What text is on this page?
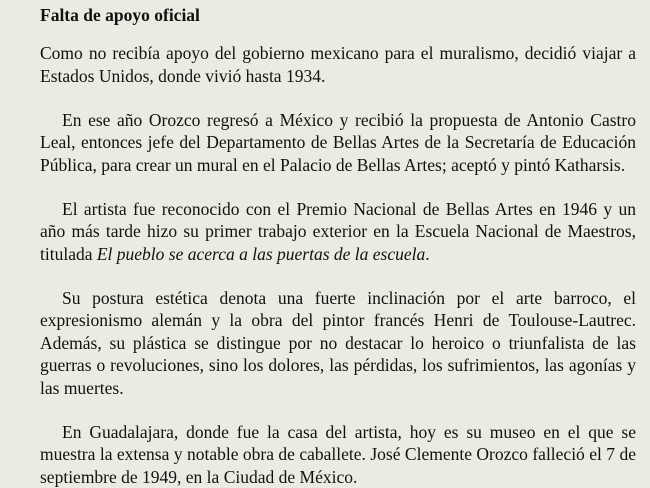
Falta de apoyo oficial

Como no recibía apoyo del gobierno mexicano para el muralismo, decidió viajar a Estados Unidos, donde vivió hasta 1934.

En ese año Orozco regresó a México y recibió la propuesta de Antonio Castro Leal, entonces jefe del Departamento de Bellas Artes de la Secretaría de Educación Pública, para crear un mural en el Palacio de Bellas Artes; aceptó y pintó Katharsis.

El artista fue reconocido con el Premio Nacional de Bellas Artes en 1946 y un año más tarde hizo su primer trabajo exterior en la Escuela Nacional de Maestros, titulada El pueblo se acerca a las puertas de la escuela.

Su postura estética denota una fuerte inclinación por el arte barroco, el expresionismo alemán y la obra del pintor francés Henri de Toulouse-Lautrec. Además, su plástica se distingue por no destacar lo heroico o triunfalista de las guerras o revoluciones, sino los dolores, las pérdidas, los sufrimientos, las agonías y las muertes.

En Guadalajara, donde fue la casa del artista, hoy es su museo en el que se muestra la extensa y notable obra de caballete. José Clemente Orozco falleció el 7 de septiembre de 1949, en la Ciudad de México.
